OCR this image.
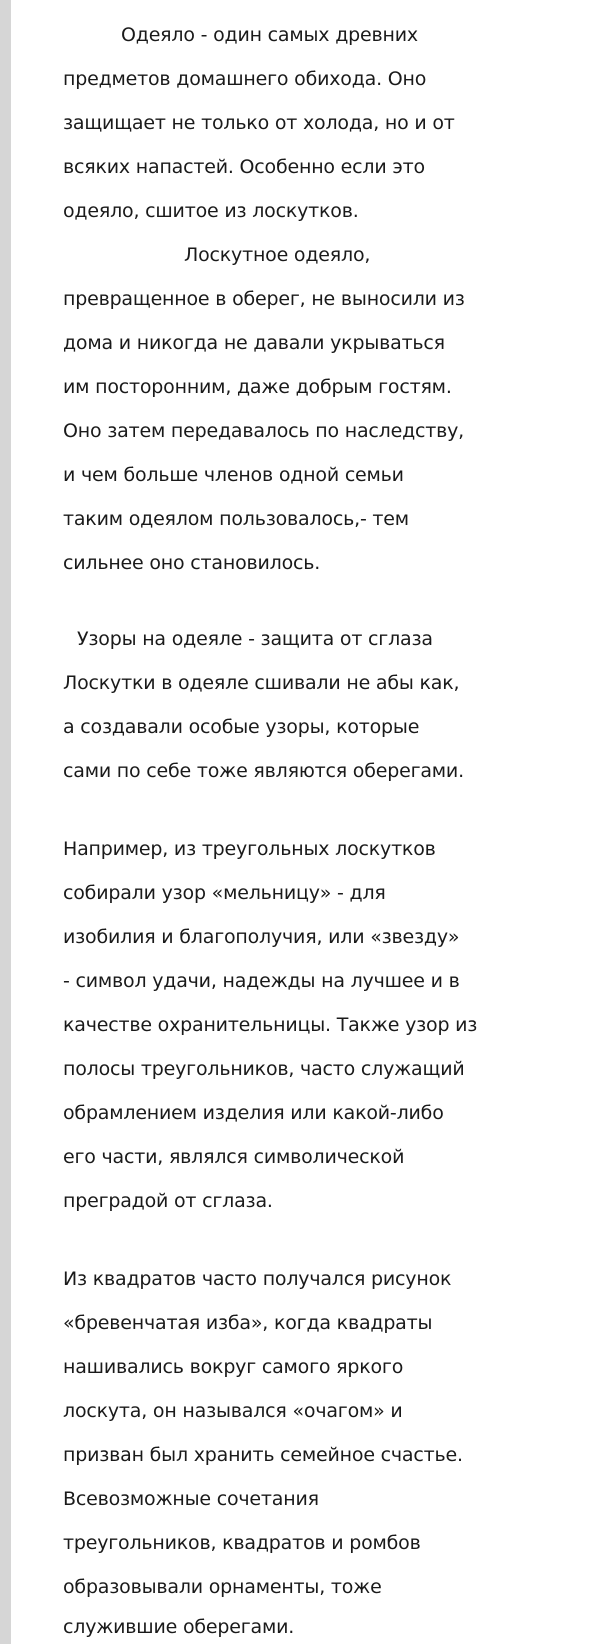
Одеяло - один самых древних

предметов домашнего обихода. Оно

защищает не только от холода, но и от

всяких напастей. Особенно если это

одеяло, сшитое из лоскутков.

Лоскутное одеяло,

превращенное в оберег, не выносили из

дома и никогда не давали укрываться

им посторонним, даже добрым гостям.

Оно затем передавалось по наследству,

и чем больше членов одной семьи

таким одеялом пользовалось,- тем

сильнее оно становилось.

Узоры на одеяле - защита от сглаза

Лоскутки в одеяле сшивали не абы как,

а создавали особые узоры, которые

сами по себе тоже являются оберегами.

Например, из треугольных лоскутков

собирали узор «мельницу» - для

изобилия и благополучия, или «звезду»

- символ удачи, надежды на лучшее и в

качестве охранительницы. Также узор из

полосы треугольников, часто служащий

обрамлением изделия или какой-либо

его части, являлся символической

преградой от сглаза.

Из квадратов часто получался рисунок

«бревенчатая изба», когда квадраты

нашивались вокруг самого яркого

лоскута, он назывался «очагом» и

призван был хранить семейное счастье.

Всевозможные сочетания

треугольников, квадратов и ромбов

образовывали орнаменты, тоже

служившие оберегами.
